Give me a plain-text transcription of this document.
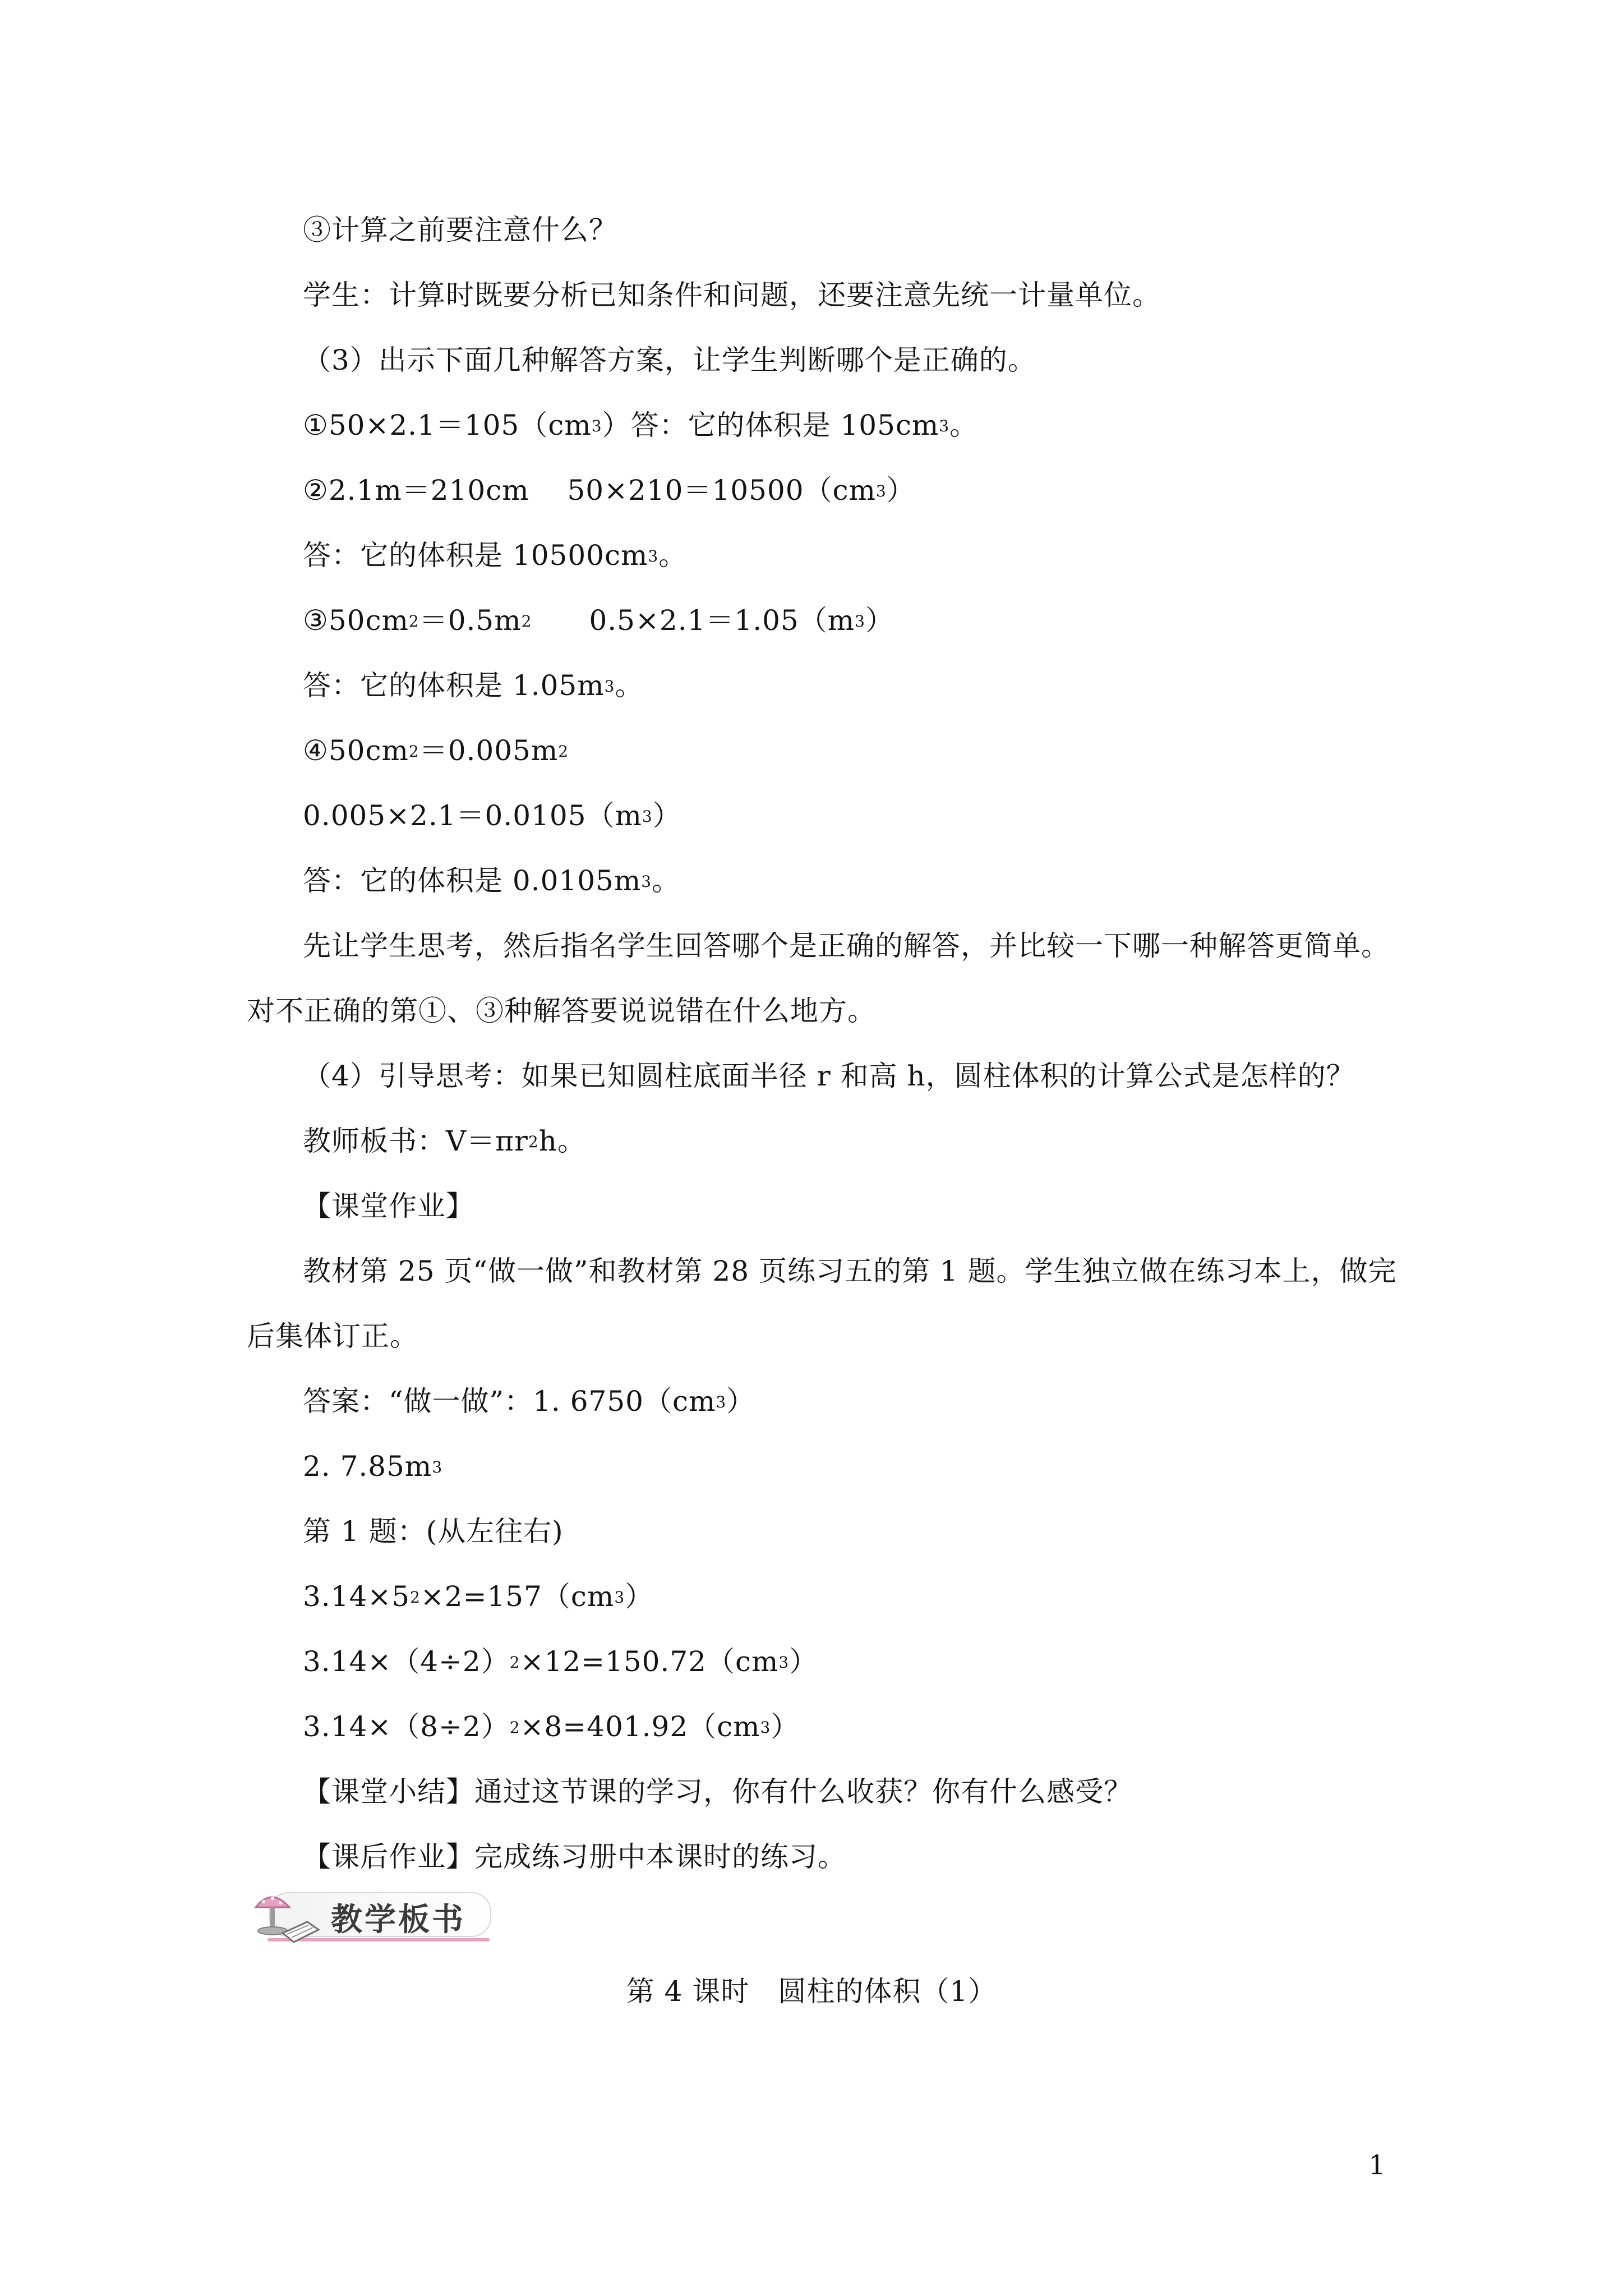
③计算之前要注意什么？
学生：计算时既要分析已知条件和问题，还要注意先统一计量单位。
（3）出示下面几种解答方案，让学生判断哪个是正确的。
$①50\times 2.1=105(cm^3)$答：它的体积是 $105cm^3$。
②2.1m＝210cm　 $50\times 210=10500(cm^3)$
答：它的体积是 $10500cm^3$。
$③50cm^2=0.5m^2$　　$0.5\times 2.1=1.05(m^3)$
答：它的体积是 $1.05m^3$。
$④50cm^2=0.005m^2$
$0.005\times 2.1=0.0105(m^3)$
答：它的体积是 $0.0105m^3$。
先让学生思考，然后指名学生回答哪个是正确的解答，并比较一下哪一种解答更简单。
对不正确的第①、③种解答要说说错在什么地方。
（4）引导思考：如果已知圆柱底面半径 r 和高 h，圆柱体积的计算公式是怎样的？
教师板书：$V=\pi r^2h$。
【课堂作业】
教材第 25 页“做一做”和教材第 28 页练习五的第 1 题。学生独立做在练习本上，做完
后集体订正。
答案：“做一做”：1. $6750(cm^3)$
2. $7.85m^3$
第 1 题：(从左往右)
$3.14\times 5^2\times 2=157(cm^3)$
$3.14\times(4\div 2)^2\times 12=150.72(cm^3)$
$3.14\times(8\div 2)^2\times 8=401.92(cm^3)$
【课堂小结】通过这节课的学习，你有什么收获？你有什么感受？
【课后作业】完成练习册中本课时的练习。
教学板书
第 4 课时　圆柱的体积（1）
1
